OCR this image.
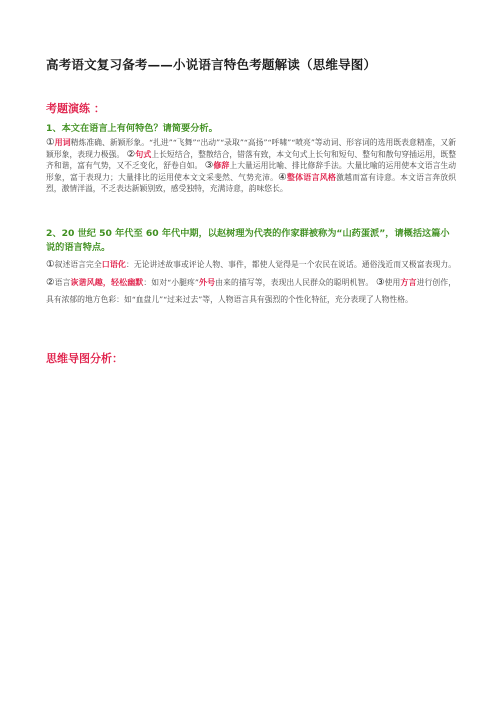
高考语文复习备考——小说语言特色考题解读（思维导图）
考题演练 ：
1、本文在语言上有何特色？请简要分析。
①用词精炼准确、新颖形象。“扎进”“飞舞”“出动”“录取”“高扬”“呼啸”“喷亮”等动词、形容词的选用既表意精准，又新颖形象，表现力极强。 ②句式上长短结合，整散结合，错落有致，本文句式上长句和短句、整句和散句穿插运用，既整齐和谐，富有气势，又不乏变化，舒卷自如。 ③修辞上大量运用比喻、排比修辞手法。大量比喻的运用使本文语言生动形象，富于表现力；大量排比的运用使本文文采斐然、气势充沛。④整体语言风格激越而富有诗意。本文语言奔放炽烈，激情洋溢，不乏表达新颖别致，感受独特，充满诗意，韵味悠长。
2、20 世纪 50 年代至 60 年代中期，以赵树理为代表的作家群被称为“山药蛋派”，请概括这篇小说的语言特点。
①叙述语言完全口语化：无论讲述故事或评论人物、事件，都使人觉得是一个农民在说话。通俗浅近而又极富表现力。 ②语言诙谐风趣，轻松幽默：如对“小腿疼”外号由来的描写等，表现出人民群众的聪明机智。 ③使用方言进行创作，具有浓郁的地方色彩：如“血盘儿”“过来过去”等，人物语言具有强烈的个性化特征，充分表现了人物性格。
思维导图分析：
